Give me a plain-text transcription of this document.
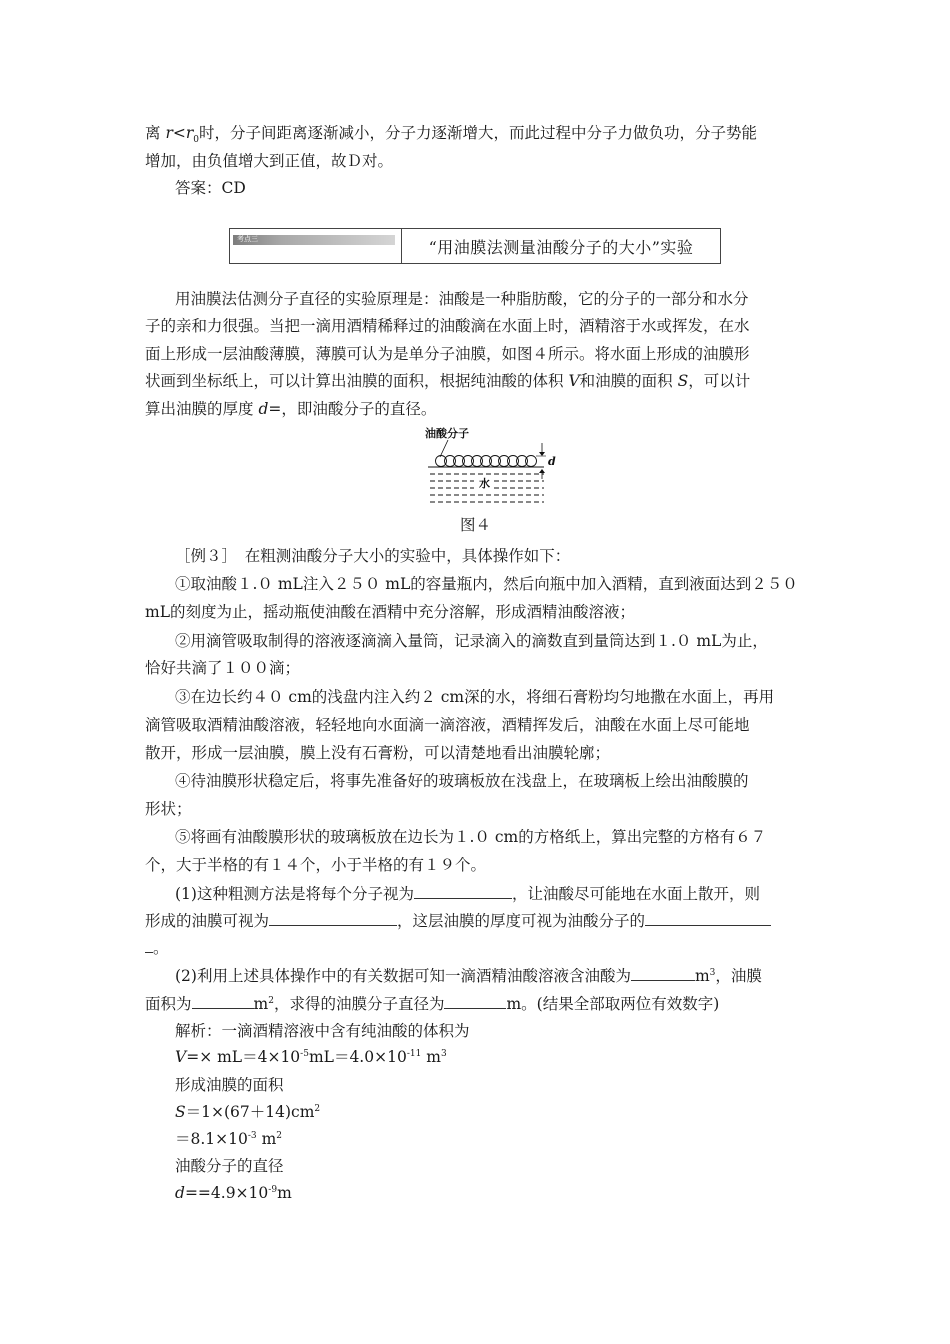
离 $r<r_0$时，分子间距离逐渐减小，分子力逐渐增大，而此过程中分子力做负功，分子势能
增加，由负值增大到正值，故Ｄ对。
答案：CD
考点三	“用油膜法测量油酸分子的大小”实验
用油膜法估测分子直径的实验原理是：油酸是一种脂肪酸，它的分子的一部分和水分
子的亲和力很强。当把一滴用酒精稀释过的油酸滴在水面上时，酒精溶于水或挥发，在水
面上形成一层油酸薄膜，薄膜可认为是单分子油膜，如图４所示。将水面上形成的油膜形
状画到坐标纸上，可以计算出油膜的面积，根据纯油酸的体积 V和油膜的面积 S，可以计
算出油膜的厚度 d=，即油酸分子的直径。
油酸分子
水
d
图４
［例３］　在粗测油酸分子大小的实验中，具体操作如下：
①取油酸１.０ mL注入２５０ mL的容量瓶内，然后向瓶中加入酒精，直到液面达到２５０
mL的刻度为止，摇动瓶使油酸在酒精中充分溶解，形成酒精油酸溶液；
②用滴管吸取制得的溶液逐滴滴入量筒，记录滴入的滴数直到量筒达到１.０ mL为止，
恰好共滴了１００滴；
③在边长约４０ cm的浅盘内注入约２ cm深的水，将细石膏粉均匀地撒在水面上，再用
滴管吸取酒精油酸溶液，轻轻地向水面滴一滴溶液，酒精挥发后，油酸在水面上尽可能地
散开，形成一层油膜，膜上没有石膏粉，可以清楚地看出油膜轮廓；
④待油膜形状稳定后，将事先准备好的玻璃板放在浅盘上，在玻璃板上绘出油酸膜的
形状；
⑤将画有油酸膜形状的玻璃板放在边长为１.０ cm的方格纸上，算出完整的方格有６７
个，大于半格的有１４个，小于半格的有１９个。
(1)这种粗测方法是将每个分子视为	，让油酸尽可能地在水面上散开，则
形成的油膜可视为	，这层油膜的厚度可视为油酸分子的
。
(2)利用上述具体操作中的有关数据可知一滴酒精油酸溶液含油酸为	$m^3$，油膜
面积为	$m^2$，求得的油膜分子直径为	m。(结果全部取两位有效数字)
解析：一滴酒精溶液中含有纯油酸的体积为
$V=\times mL=4\times 10^{-5}mL=4.0\times 10^{-11}$ $m^3$
形成油膜的面积
$S=1\times(67+14)cm^2$
$=8.1\times 10^{-3}$ $m^2$
油酸分子的直径
$d==4.9\times 10^{-9}m$
